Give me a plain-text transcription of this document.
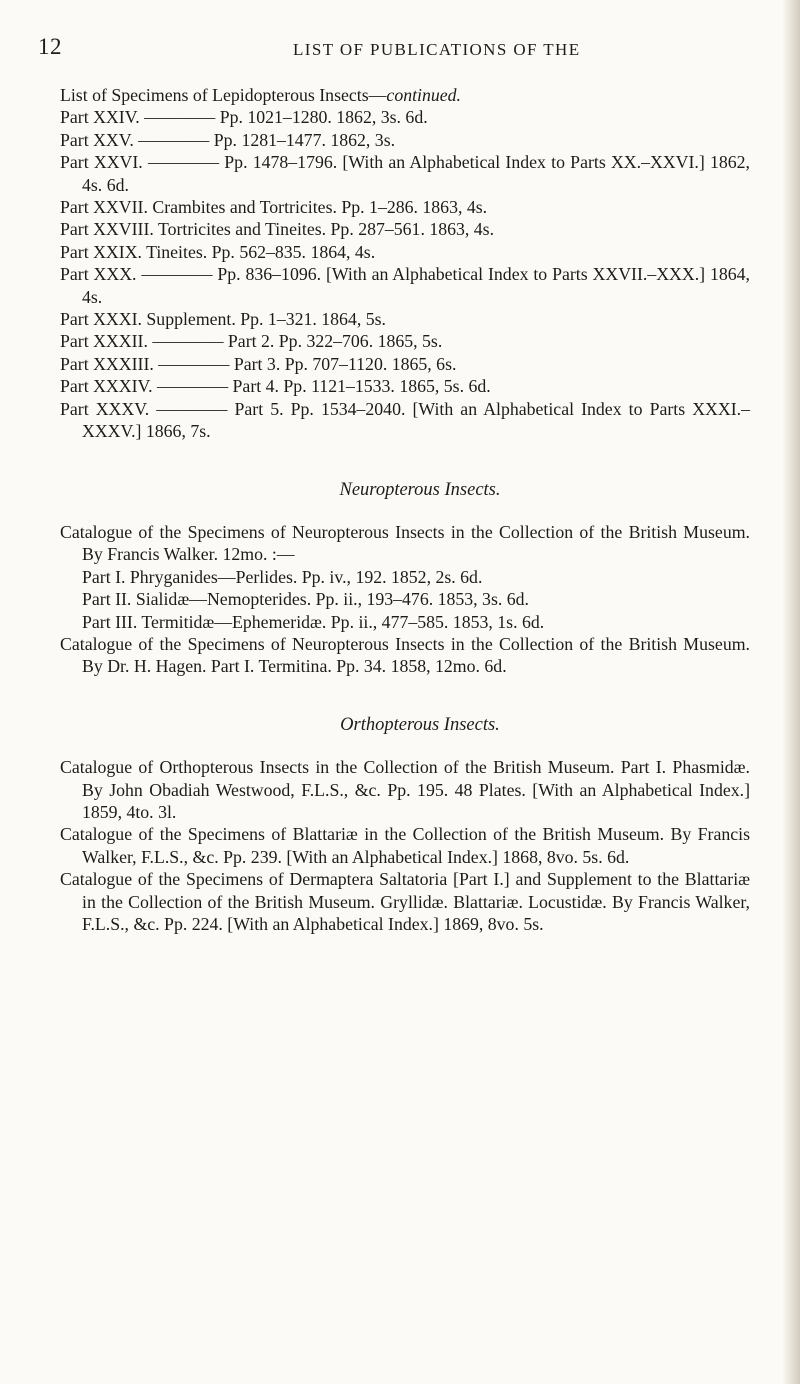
12	LIST OF PUBLICATIONS OF THE

List of Specimens of Lepidopterous Insects—continued.

Part XXIV. ———— Pp. 1021–1280. 1862, 3s. 6d.

Part XXV. ———— Pp. 1281–1477. 1862, 3s.

Part XXVI. ———— Pp. 1478–1796. [With an Alphabetical Index to Parts XX.–XXVI.] 1862, 4s. 6d.

Part XXVII. Crambites and Tortricites. Pp. 1–286. 1863, 4s.

Part XXVIII. Tortricites and Tineites. Pp. 287–561. 1863, 4s.

Part XXIX. Tineites. Pp. 562–835. 1864, 4s.

Part XXX. ———— Pp. 836–1096. [With an Alphabetical Index to Parts XXVII.–XXX.] 1864, 4s.

Part XXXI. Supplement. Pp. 1–321. 1864, 5s.

Part XXXII. ———— Part 2. Pp. 322–706. 1865, 5s.

Part XXXIII. ———— Part 3. Pp. 707–1120. 1865, 6s.

Part XXXIV. ———— Part 4. Pp. 1121–1533. 1865, 5s. 6d.

Part XXXV. ———— Part 5. Pp. 1534–2040. [With an Alphabetical Index to Parts XXXI.–XXXV.] 1866, 7s.

Neuropterous Insects.

Catalogue of the Specimens of Neuropterous Insects in the Collection of the British Museum. By Francis Walker. 12mo. :—

Part I. Phryganides—Perlides. Pp. iv., 192. 1852, 2s. 6d.

Part II. Sialidæ—Nemopterides. Pp. ii., 193–476. 1853, 3s. 6d.

Part III. Termitidæ—Ephemeridæ. Pp. ii., 477–585. 1853, 1s. 6d.

Catalogue of the Specimens of Neuropterous Insects in the Collection of the British Museum. By Dr. H. Hagen. Part I. Termitina. Pp. 34. 1858, 12mo. 6d.

Orthopterous Insects.

Catalogue of Orthopterous Insects in the Collection of the British Museum. Part I. Phasmidæ. By John Obadiah Westwood, F.L.S., &c. Pp. 195. 48 Plates. [With an Alphabetical Index.] 1859, 4to. 3l.

Catalogue of the Specimens of Blattariæ in the Collection of the British Museum. By Francis Walker, F.L.S., &c. Pp. 239. [With an Alphabetical Index.] 1868, 8vo. 5s. 6d.

Catalogue of the Specimens of Dermaptera Saltatoria [Part I.] and Supplement to the Blattariæ in the Collection of the British Museum. Gryllidæ. Blattariæ. Locustidæ. By Francis Walker, F.L.S., &c. Pp. 224. [With an Alphabetical Index.] 1869, 8vo. 5s.
